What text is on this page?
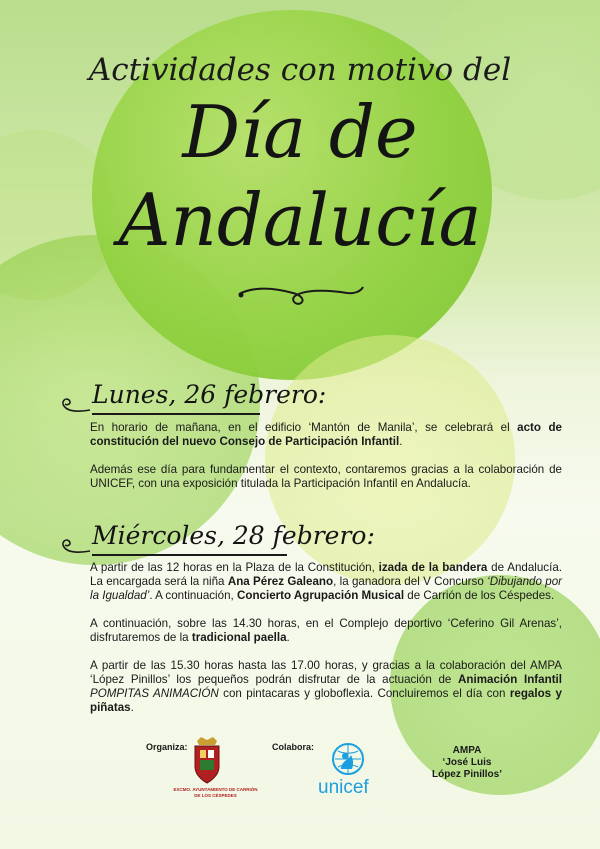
Actividades con motivo del
Día de
Andalucía
Lunes, 26 febrero:
En horario de mañana, en el edificio ‘Mantón de Manila’, se celebrará el acto de constitución del nuevo Consejo de Participación Infantil.
Además ese día para fundamentar el contexto, contaremos gracias a la colaboración de UNICEF, con una exposición titulada la Participación Infantil en Andalucía.
Miércoles, 28 febrero:
A partir de las 12 horas en la Plaza de la Constitución, izada de la bandera de Andalucía. La encargada será la niña Ana Pérez Galeano, la ganadora del V Concurso ‘Dibujando por la Igualdad’. A continuación, Concierto Agrupación Musical de Carrión de los Céspedes.
A continuación, sobre las 14.30 horas, en el Complejo deportivo ‘Ceferino Gil Arenas’, disfrutaremos de la tradicional paella.
A partir de las 15.30 horas hasta las 17.00 horas, y gracias a la colaboración del AMPA ‘López Pinillos’ los pequeños podrán disfrutar de la actuación de Animación Infantil POMPITAS ANIMACIÓN con pintacaras y globoflexia. Concluiremos el día con regalos y piñatas.
Organiza:
EXCMO. AYUNTAMIENTO DE CARRIÓN DE LOS CÉSPEDES
Colabora:
unicef
AMPA
‘José Luis
López Pinillos’
